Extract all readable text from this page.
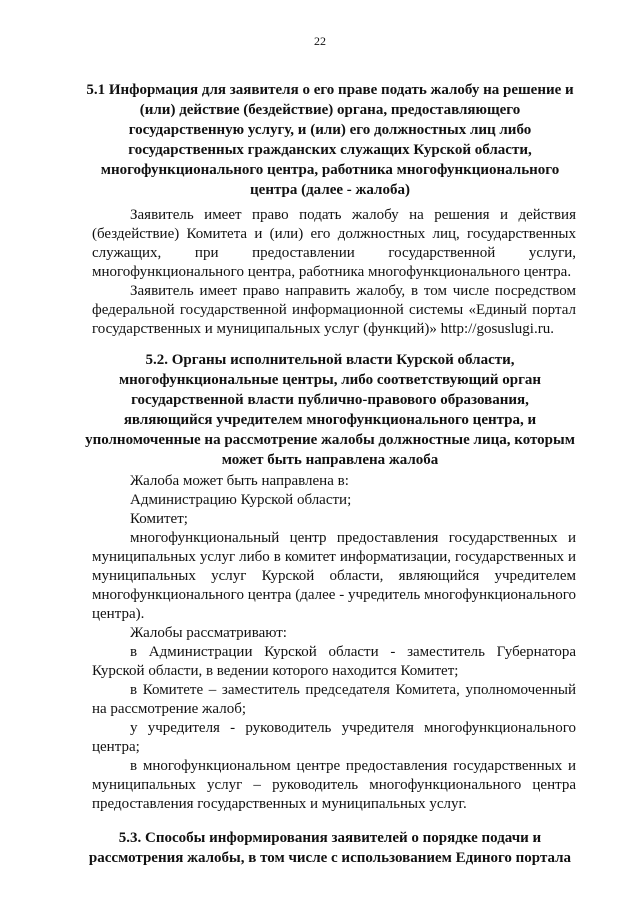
22
5.1 Информация для заявителя о его праве подать жалобу на решение и (или) действие (бездействие) органа, предоставляющего государственную услугу, и (или) его должностных лиц либо государственных гражданских служащих Курской области, многофункционального центра, работника многофункционального центра (далее - жалоба)

Заявитель имеет право подать жалобу на решения и действия (бездействие) Комитета и (или) его должностных лиц, государственных служащих, при предоставлении государственной услуги, многофункционального центра, работника многофункционального центра.

Заявитель имеет право направить жалобу, в том числе посредством федеральной государственной информационной системы «Единый портал государственных и муниципальных услуг (функций)» http://gosuslugi.ru.

5.2. Органы исполнительной власти Курской области, многофункциональные центры, либо соответствующий орган государственной власти публично-правового образования, являющийся учредителем многофункционального центра, и уполномоченные на рассмотрение жалобы должностные лица, которым может быть направлена жалоба

Жалоба может быть направлена в:

Администрацию Курской области;

Комитет;

многофункциональный центр предоставления государственных и муниципальных услуг либо в комитет информатизации, государственных и муниципальных услуг Курской области, являющийся учредителем многофункционального центра (далее - учредитель многофункционального центра).

Жалобы рассматривают:

в Администрации Курской области - заместитель Губернатора Курской области, в ведении которого находится Комитет;

в Комитете – заместитель председателя Комитета, уполномоченный на рассмотрение жалоб;

у учредителя - руководитель учредителя многофункционального центра;

в многофункциональном центре предоставления государственных и муниципальных услуг – руководитель многофункционального центра предоставления государственных и муниципальных услуг.

5.3. Способы информирования заявителей о порядке подачи и рассмотрения жалобы, в том числе с использованием Единого портала
